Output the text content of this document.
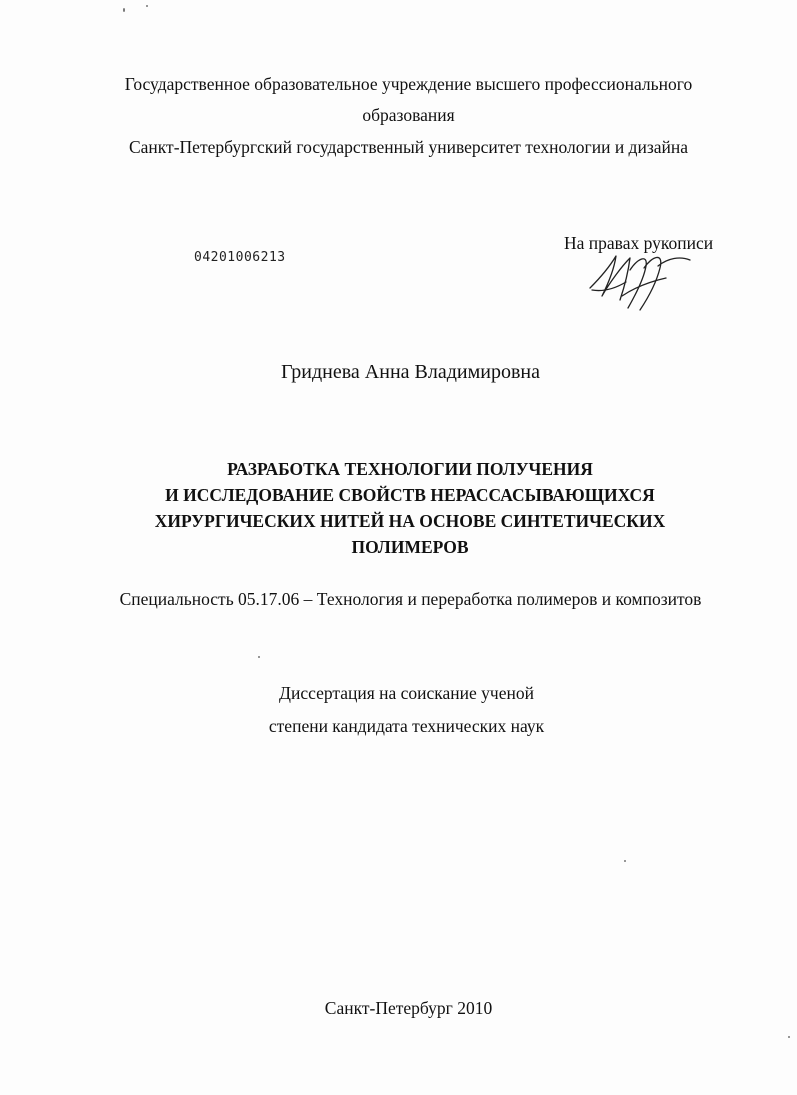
Государственное образовательное учреждение высшего профессионального
образования
Санкт-Петербургский государственный университет технологии и дизайна
04201006213
На правах рукописи
Гриднева Анна Владимировна
РАЗРАБОТКА ТЕХНОЛОГИИ ПОЛУЧЕНИЯ
И ИССЛЕДОВАНИЕ СВОЙСТВ НЕРАССАСЫВАЮЩИХСЯ
ХИРУРГИЧЕСКИХ НИТЕЙ НА ОСНОВЕ СИНТЕТИЧЕСКИХ
ПОЛИМЕРОВ
Специальность 05.17.06 – Технология и переработка полимеров и композитов
Диссертация на соискание ученой
степени кандидата технических наук
Санкт-Петербург 2010
